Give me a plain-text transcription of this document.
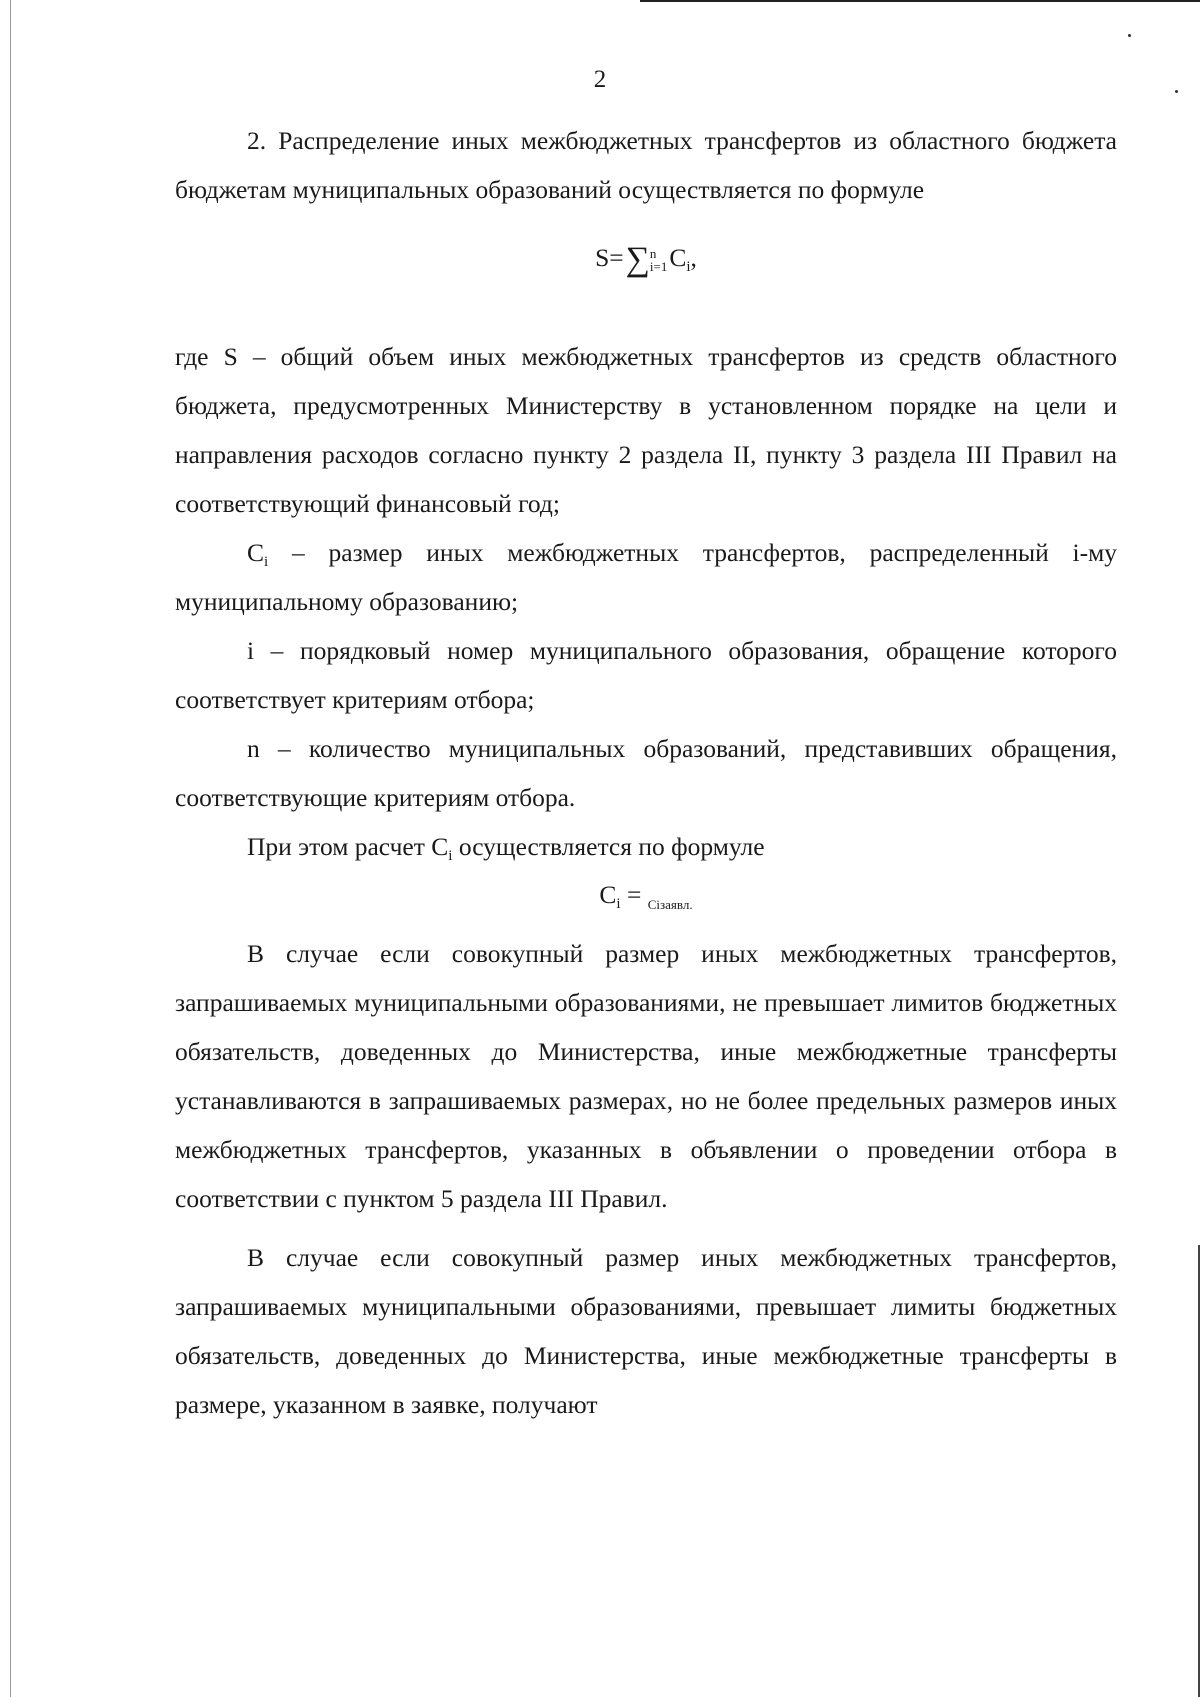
2

2. Распределение иных межбюджетных трансфертов из областного бюджета бюджетам муниципальных образований осуществляется по формуле

S=∑ n
i=1 $C_i$,

где S – общий объем иных межбюджетных трансфертов из средств областного бюджета, предусмотренных Министерству в установленном порядке на цели и направления расходов согласно пункту 2 раздела II, пункту 3 раздела III Правил на соответствующий финансовый год;

$C_i$ – размер иных межбюджетных трансфертов, распределенный i-му муниципальному образованию;

i – порядковый номер муниципального образования, обращение которого соответствует критериям отбора;

n – количество муниципальных образований, представивших обращения, соответствующие критериям отбора.

При этом расчет $C_i$ осуществляется по формуле

$C_i = _{Ciзаявл.}$

В случае если совокупный размер иных межбюджетных трансфертов, запрашиваемых муниципальными образованиями, не превышает лимитов бюджетных обязательств, доведенных до Министерства, иные межбюджетные трансферты устанавливаются в запрашиваемых размерах, но не более предельных размеров иных межбюджетных трансфертов, указанных в объявлении о проведении отбора в соответствии с пунктом 5 раздела III Правил.

В случае если совокупный размер иных межбюджетных трансфертов, запрашиваемых муниципальными образованиями, превышает лимиты бюджетных обязательств, доведенных до Министерства, иные межбюджетные трансферты в размере, указанном в заявке, получают
